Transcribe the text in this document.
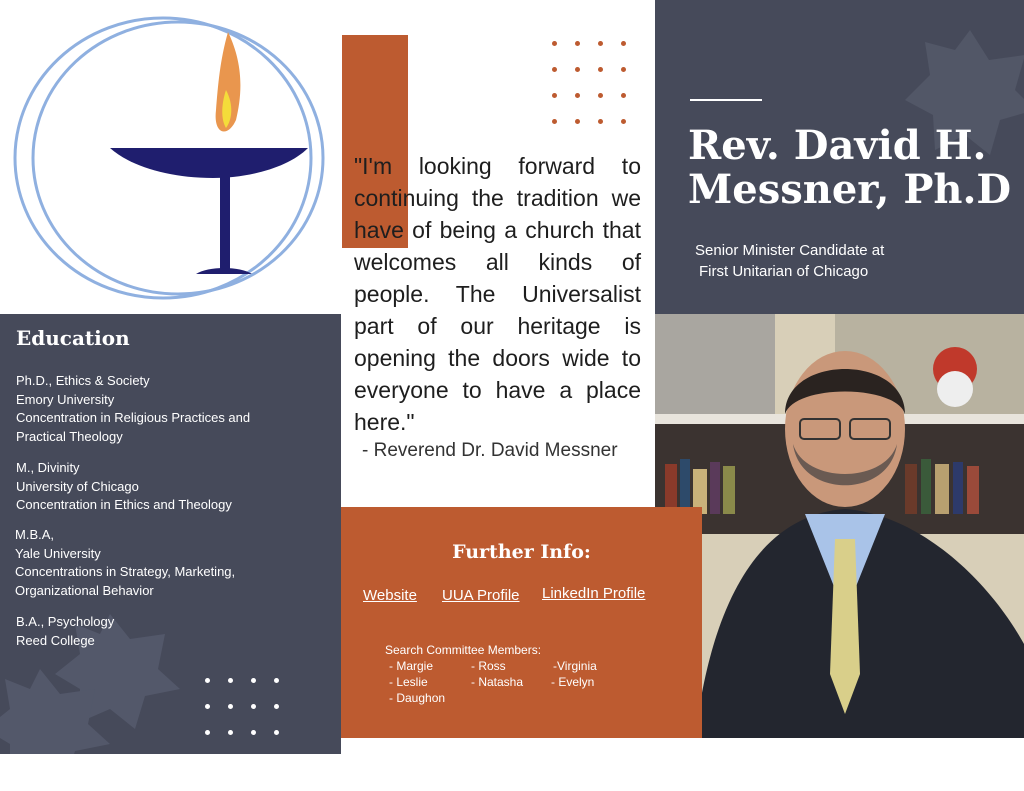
"I'm looking forward to continuing the tradition we have of being a church that welcomes all kinds of people. The Universalist part of our heritage is opening the doors wide to everyone to have a place here."
- Reverend Dr. David Messner
Rev. David H. Messner, Ph.D
Senior Minister Candidate at
First Unitarian of Chicago
Education
Ph.D., Ethics & Society
Emory University
Concentration in Religious Practices and
Practical Theology
M., Divinity
University of Chicago
Concentration in Ethics and Theology
M.B.A,
Yale University
Concentrations in Strategy, Marketing,
Organizational Behavior
B.A., Psychology
Reed College
Further Info:
Website UUA Profile LinkedIn Profile
Search Committee Members:
- Margie	- Ross	-Virginia
- Leslie	- Natasha - Evelyn
- Daughon
